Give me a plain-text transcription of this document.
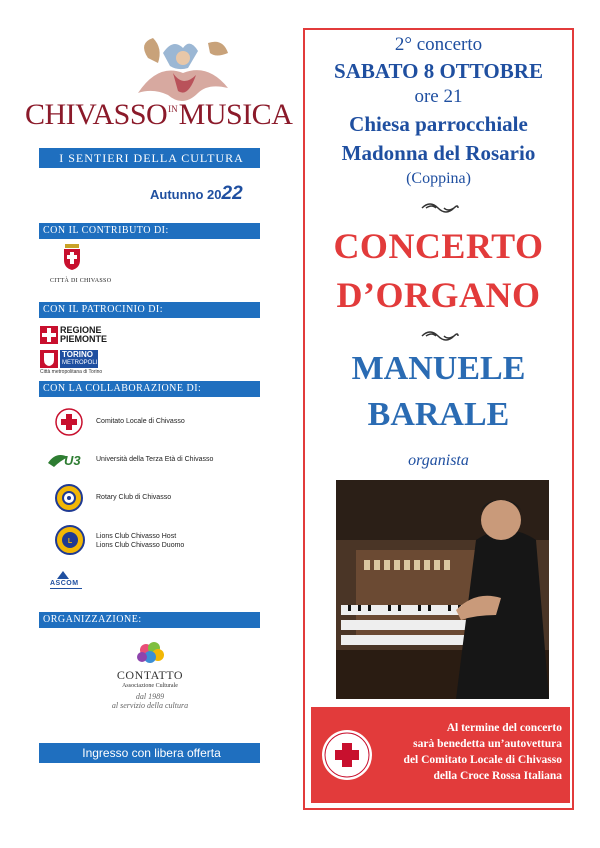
$CHIVASSO^{IN}MUSICA$
I SENTIERI DELLA CULTURA
Autunno 2022
CON IL CONTRIBUTO DI:
CITTÀ DI CHIVASSO
CON IL PATROCINIO DI:
REGIONE
PIEMONTE
TORINO
METROPOLI
Città metropolitana di Torino
CON LA COLLABORAZIONE DI:
Comitato Locale di Chivasso
U3 Università della Terza Età di Chivasso
Rotary Club di Chivasso
L
Lions Club Chivasso Host
Lions Club Chivasso Duomo
ASCOM
ORGANIZZAZIONE:
CONTATTO
Associazione Culturale
dal 1989
al servizio della cultura
Ingresso con libera offerta
2° concerto
SABATO 8 OTTOBRE
ore 21
Chiesa parrocchiale
Madonna del Rosario
(Coppina)
CONCERTO
D’ORGANO
MANUELE
BARALE
organista
Al termine del concerto
sarà benedetta un’autovettura
del Comitato Locale di Chivasso
della Croce Rossa Italiana
